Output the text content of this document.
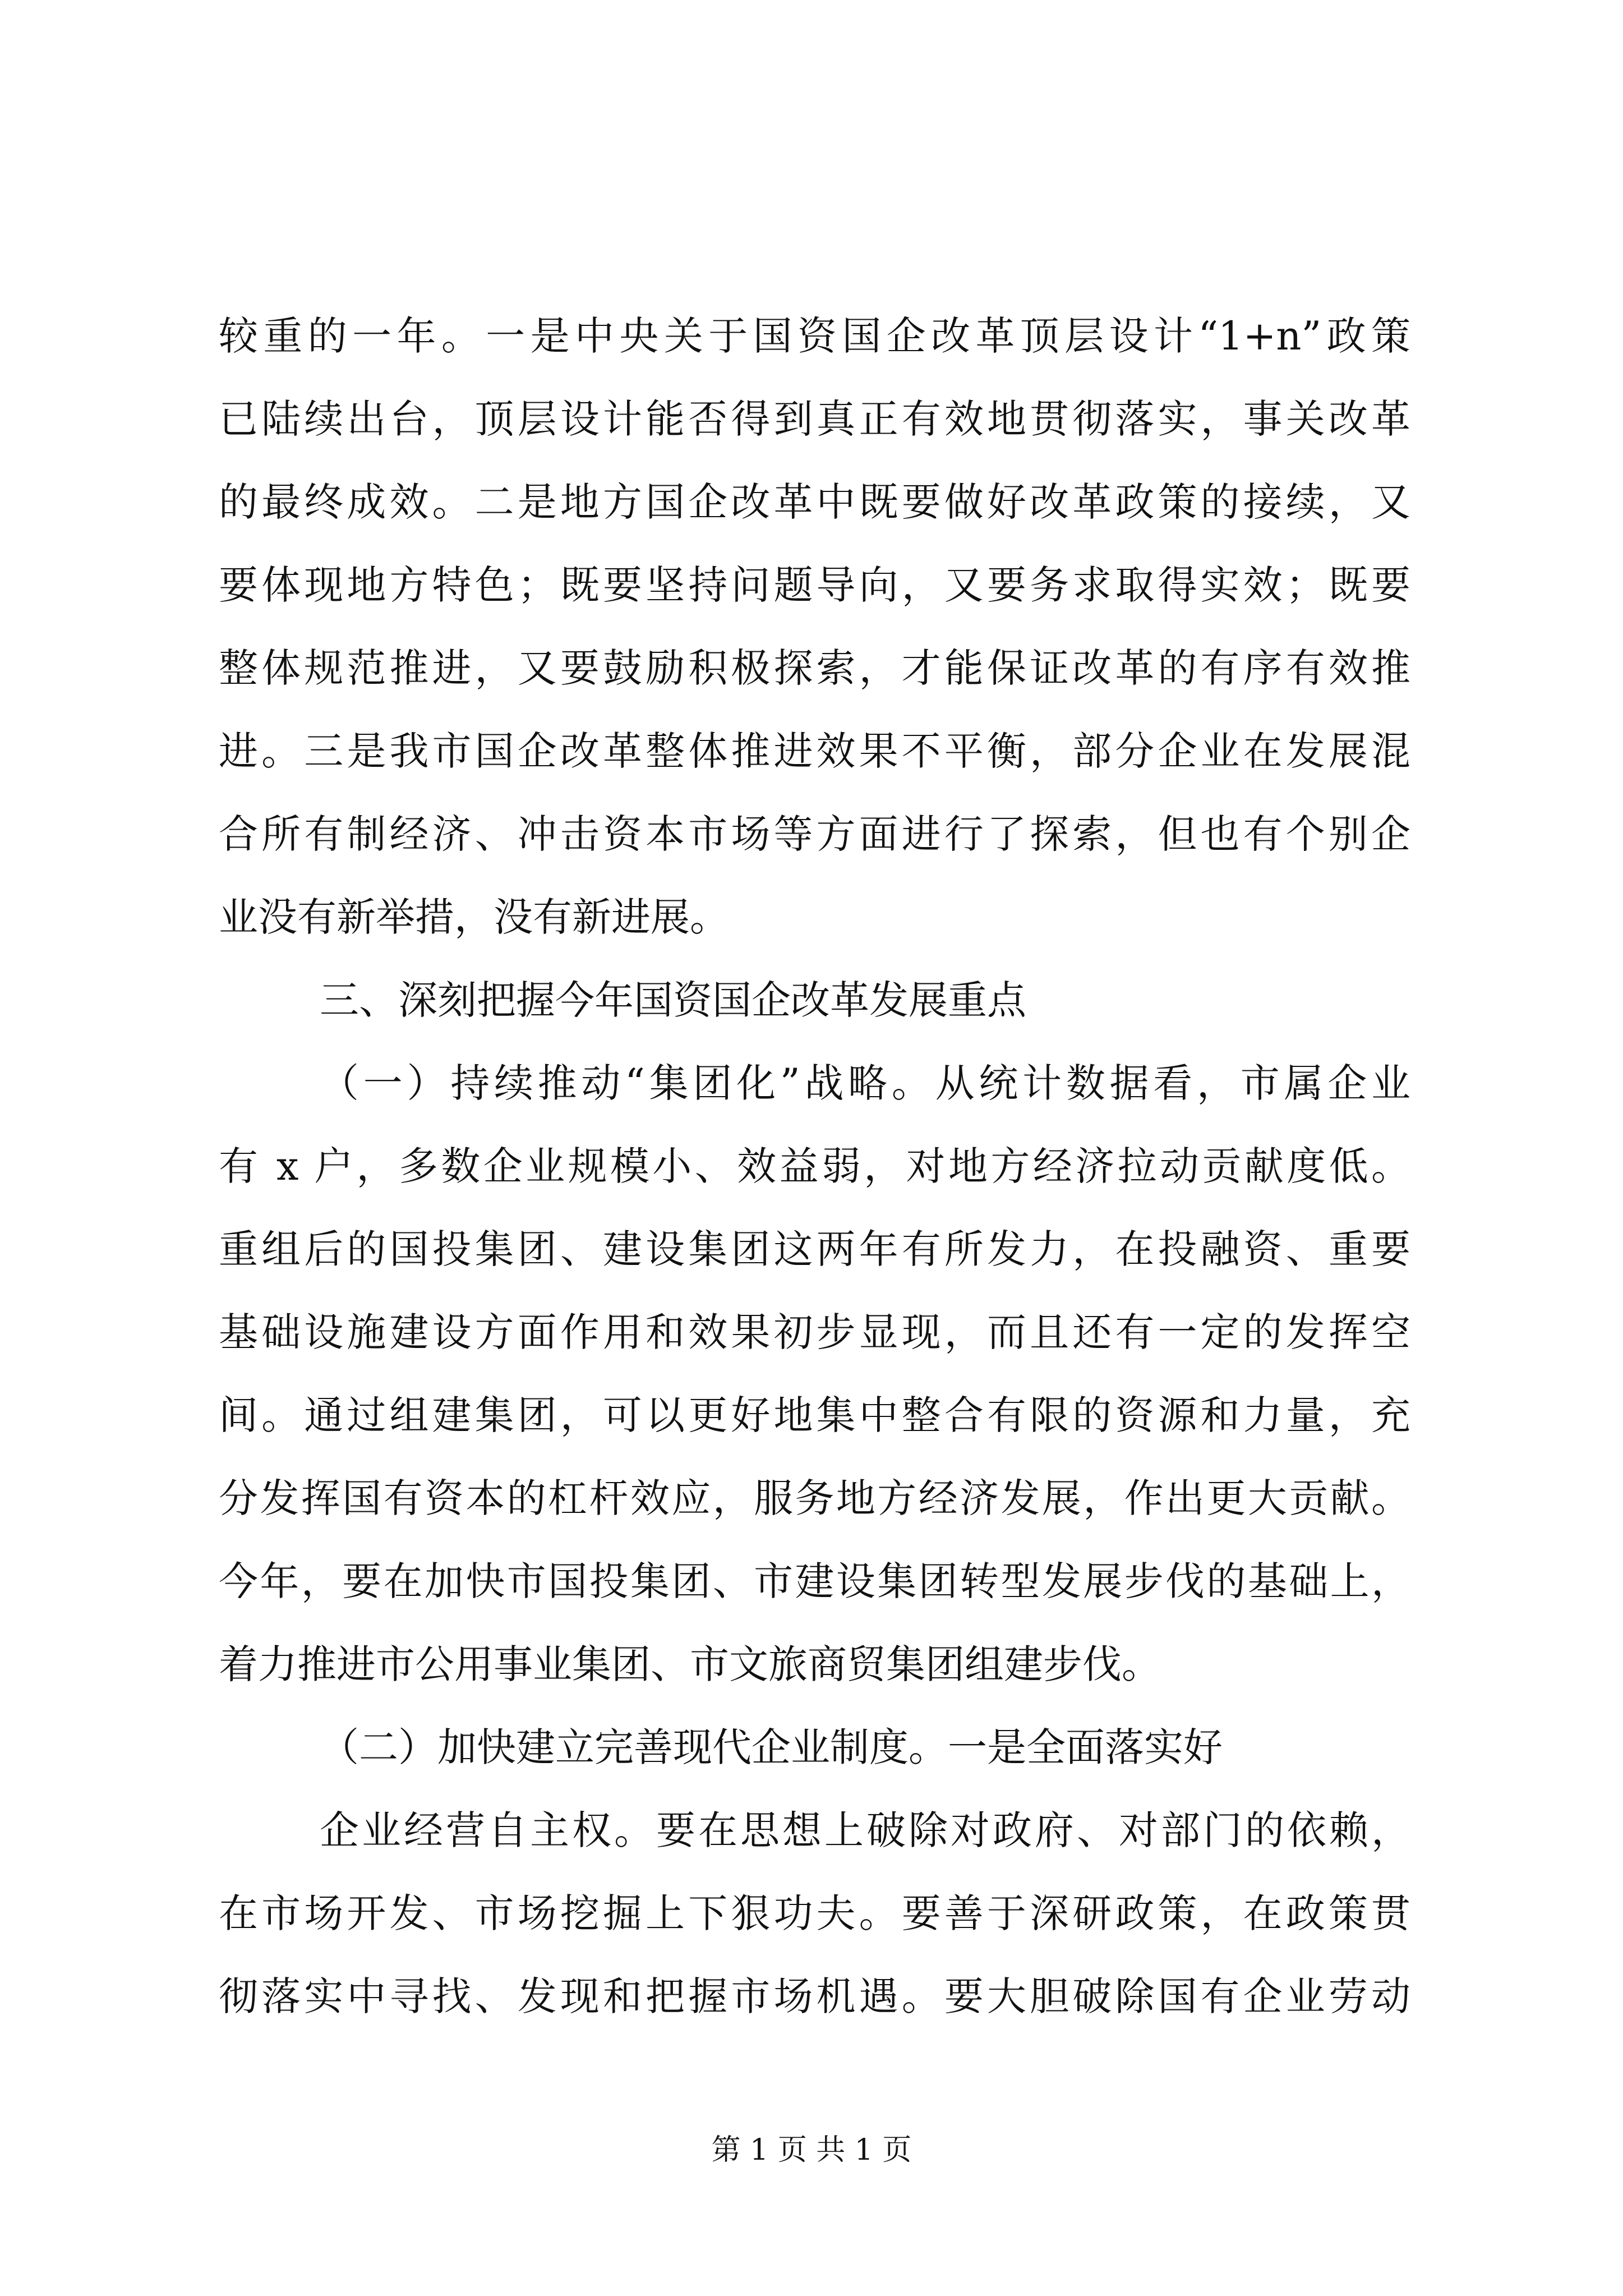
较重的一年。一是中央关于国资国企改革顶层设计“1+n”政策
已陆续出台，顶层设计能否得到真正有效地贯彻落实，事关改革
的最终成效。二是地方国企改革中既要做好改革政策的接续，又
要体现地方特色；既要坚持问题导向，又要务求取得实效；既要
整体规范推进，又要鼓励积极探索，才能保证改革的有序有效推
进。三是我市国企改革整体推进效果不平衡，部分企业在发展混
合所有制经济、冲击资本市场等方面进行了探索，但也有个别企
业没有新举措，没有新进展。
三、深刻把握今年国资国企改革发展重点
（一）持续推动“集团化”战略。从统计数据看，市属企业
有 x 户，多数企业规模小、效益弱，对地方经济拉动贡献度低。
重组后的国投集团、建设集团这两年有所发力，在投融资、重要
基础设施建设方面作用和效果初步显现，而且还有一定的发挥空
间。通过组建集团，可以更好地集中整合有限的资源和力量，充
分发挥国有资本的杠杆效应，服务地方经济发展，作出更大贡献。
今年，要在加快市国投集团、市建设集团转型发展步伐的基础上，
着力推进市公用事业集团、市文旅商贸集团组建步伐。
（二）加快建立完善现代企业制度。一是全面落实好
企业经营自主权。要在思想上破除对政府、对部门的依赖，
在市场开发、市场挖掘上下狠功夫。要善于深研政策，在政策贯
彻落实中寻找、发现和把握市场机遇。要大胆破除国有企业劳动
第 1 页 共 1 页
